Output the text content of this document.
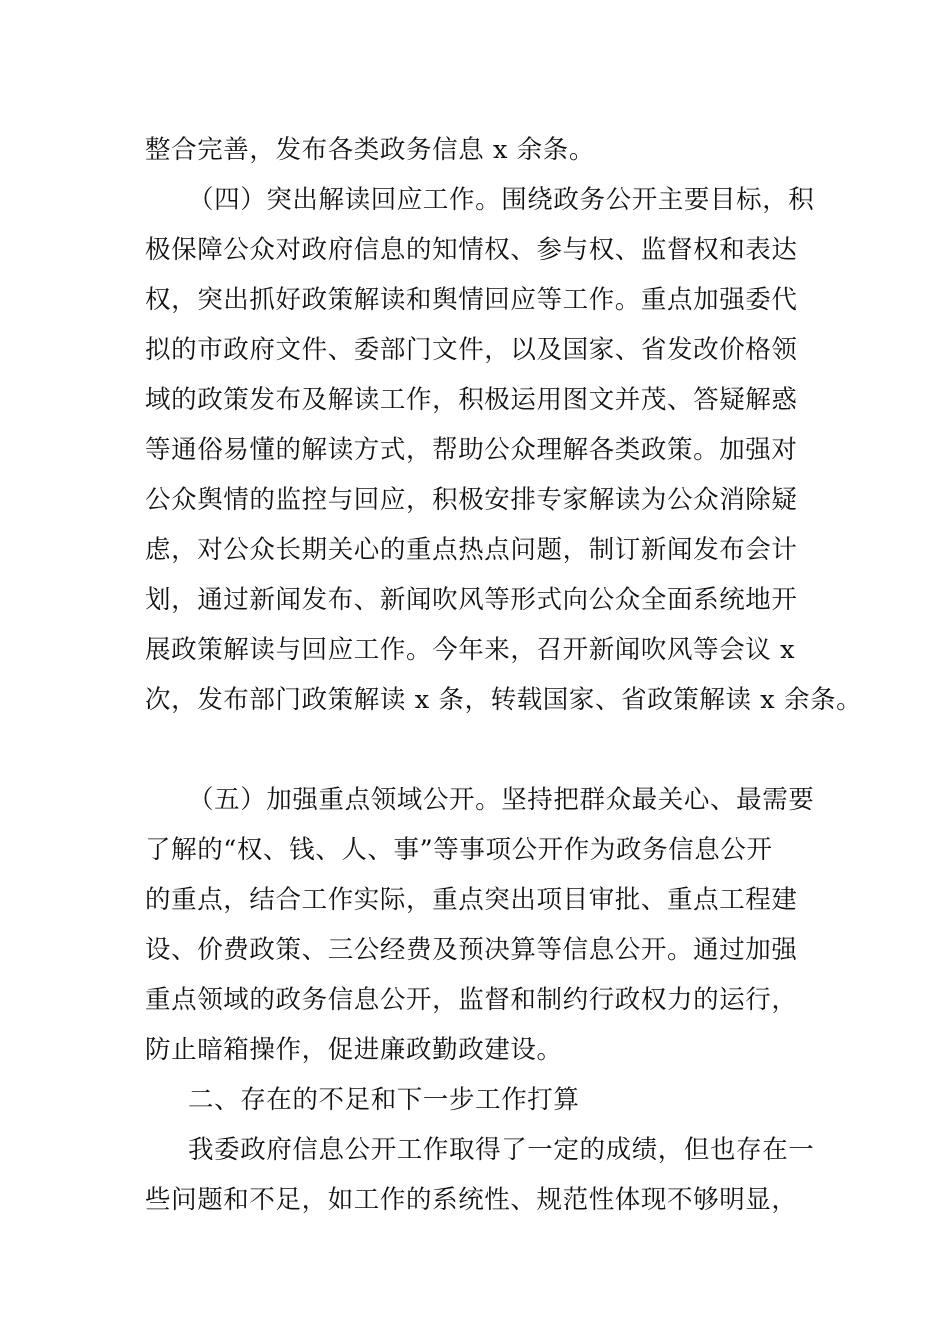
整合完善，发布各类政务信息 x 余条。
（四）突出解读回应工作。围绕政务公开主要目标，积
极保障公众对政府信息的知情权、参与权、监督权和表达
权，突出抓好政策解读和舆情回应等工作。重点加强委代
拟的市政府文件、委部门文件，以及国家、省发改价格领
域的政策发布及解读工作，积极运用图文并茂、答疑解惑
等通俗易懂的解读方式，帮助公众理解各类政策。加强对
公众舆情的监控与回应，积极安排专家解读为公众消除疑
虑，对公众长期关心的重点热点问题，制订新闻发布会计
划，通过新闻发布、新闻吹风等形式向公众全面系统地开
展政策解读与回应工作。今年来，召开新闻吹风等会议 x
次，发布部门政策解读 x 条，转载国家、省政策解读 x 余条。
（五）加强重点领域公开。坚持把群众最关心、最需要
了解的“权、钱、人、事”等事项公开作为政务信息公开
的重点，结合工作实际，重点突出项目审批、重点工程建
设、价费政策、三公经费及预决算等信息公开。通过加强
重点领域的政务信息公开，监督和制约行政权力的运行，
防止暗箱操作，促进廉政勤政建设。
二、存在的不足和下一步工作打算
我委政府信息公开工作取得了一定的成绩，但也存在一
些问题和不足，如工作的系统性、规范性体现不够明显，
